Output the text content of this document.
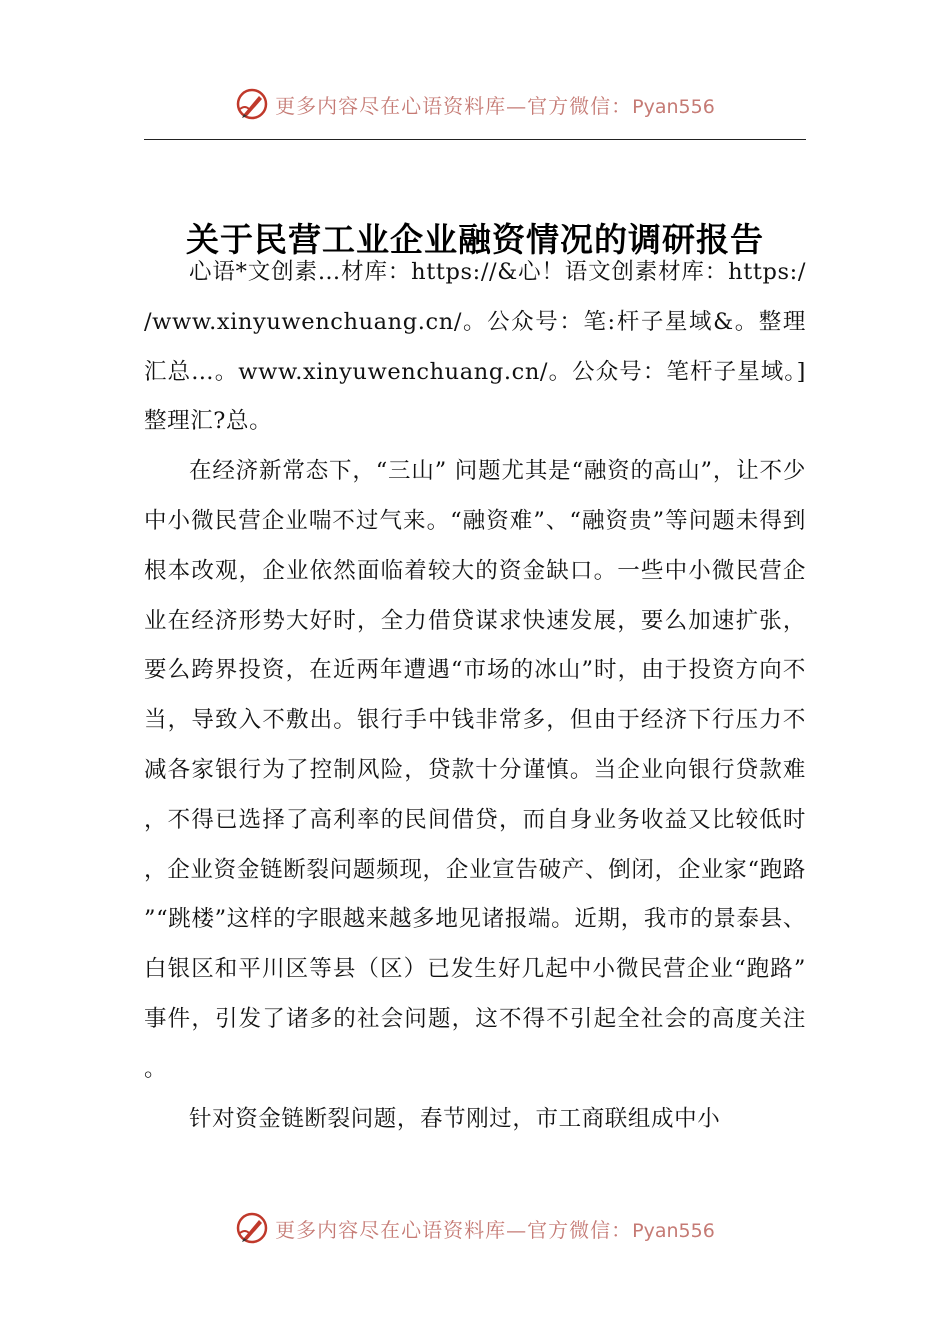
更多内容尽在心语资料库—官方微信：Pyan556
关于民营工业企业融资情况的调研报告

心语*文创素…材库：https://&心！语文创素材库：https://www.xinyuwenchuang.cn/。公众号：笔:杆子星域&。整理汇总…。www.xinyuwenchuang.cn/。公众号：笔杆子星域。]整理汇?总。

在经济新常态下，“三山” 问题尤其是“融资的高山”，让不少中小微民营企业喘不过气来。“融资难”、“融资贵”等问题未得到根本改观，企业依然面临着较大的资金缺口。一些中小微民营企业在经济形势大好时，全力借贷谋求快速发展，要么加速扩张，要么跨界投资，在近两年遭遇“市场的冰山”时，由于投资方向不当，导致入不敷出。银行手中钱非常多，但由于经济下行压力不减各家银行为了控制风险，贷款十分谨慎。当企业向银行贷款难，不得已选择了高利率的民间借贷，而自身业务收益又比较低时，企业资金链断裂问题频现，企业宣告破产、倒闭，企业家“跑路”“跳楼”这样的字眼越来越多地见诸报端。近期，我市的景泰县、白银区和平川区等县（区）已发生好几起中小微民营企业“跑路”事件，引发了诸多的社会问题，这不得不引起全社会的高度关注。

针对资金链断裂问题，春节刚过，市工商联组成中小

更多内容尽在心语资料库—官方微信：Pyan556
